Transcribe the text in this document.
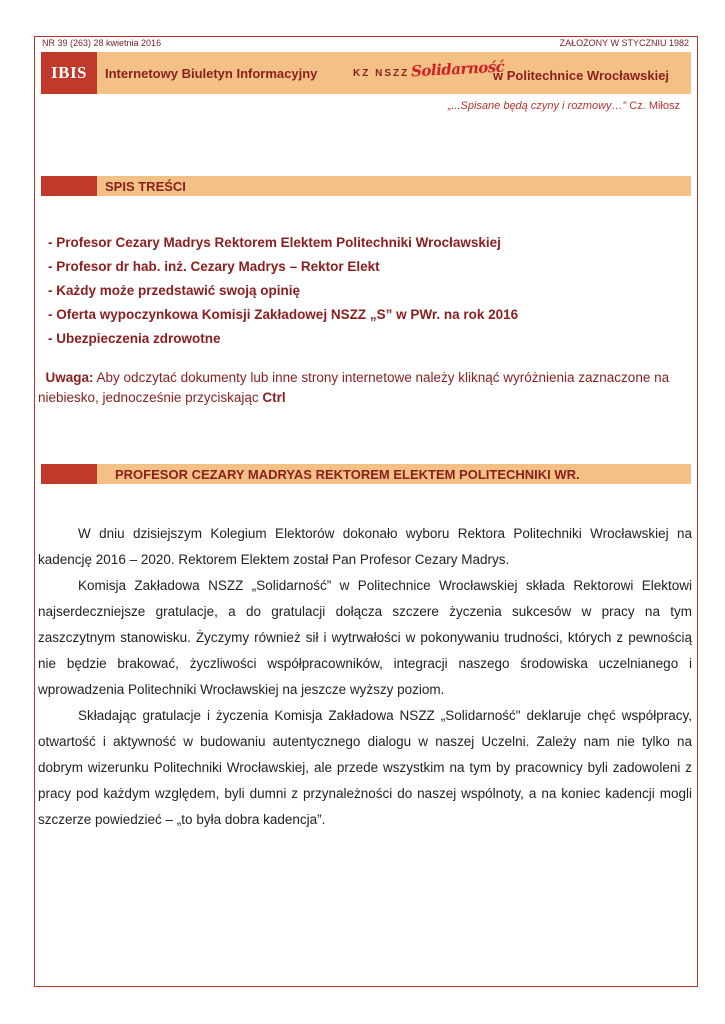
NR 39 (263) 28 kwietnia 2016	ZAŁOŻONY W STYCZNIU 1982
IBIS	Internetowy Biuletyn Informacyjny	KZ NSZZ Solidarność
w Politechnice Wrocławskiej
„...Spisane będą czyny i rozmowy…” Cz. Miłosz
SPIS TREŚCI
- Profesor Cezary Madrys Rektorem Elektem Politechniki Wrocławskiej
- Profesor dr hab. inż. Cezary Madrys – Rektor Elekt
- Każdy może przedstawić swoją opinię
- Oferta wypoczynkowa Komisji Zakładowej NSZZ „S” w PWr. na rok 2016
- Ubezpieczenia zdrowotne
Uwaga: Aby odczytać dokumenty lub inne strony internetowe należy kliknąć wyróżnienia zaznaczone na niebiesko, jednocześnie przyciskając Ctrl
PROFESOR CEZARY MADRYAS REKTOREM ELEKTEM POLITECHNIKI WR.

W dniu dzisiejszym Kolegium Elektorów dokonało wyboru Rektora Politechniki Wrocławskiej na kadencję 2016 – 2020. Rektorem Elektem został Pan Profesor Cezary Madrys.

Komisja Zakładowa NSZZ „Solidarność” w Politechnice Wrocławskiej składa Rektorowi Elektowi najserdeczniejsze gratulacje, a do gratulacji dołącza szczere życzenia sukcesów w pracy na tym zaszczytnym stanowisku. Życzymy również sił i wytrwałości w pokonywaniu trudności, których z pewnością nie będzie brakować, życzliwości współpracowników, integracji naszego środowiska uczelnianego i wprowadzenia Politechniki Wrocławskiej na jeszcze wyższy poziom.

Składając gratulacje i życzenia Komisja Zakładowa NSZZ „Solidarność" deklaruje chęć współpracy, otwartość i aktywność w budowaniu autentycznego dialogu w naszej Uczelni. Zależy nam nie tylko na dobrym wizerunku Politechniki Wrocławskiej, ale przede wszystkim na tym by pracownicy byli zadowoleni z pracy pod każdym względem, byli dumni z przynależności do naszej wspólnoty, a na koniec kadencji mogli szczerze powiedzieć – „to była dobra kadencja”.
